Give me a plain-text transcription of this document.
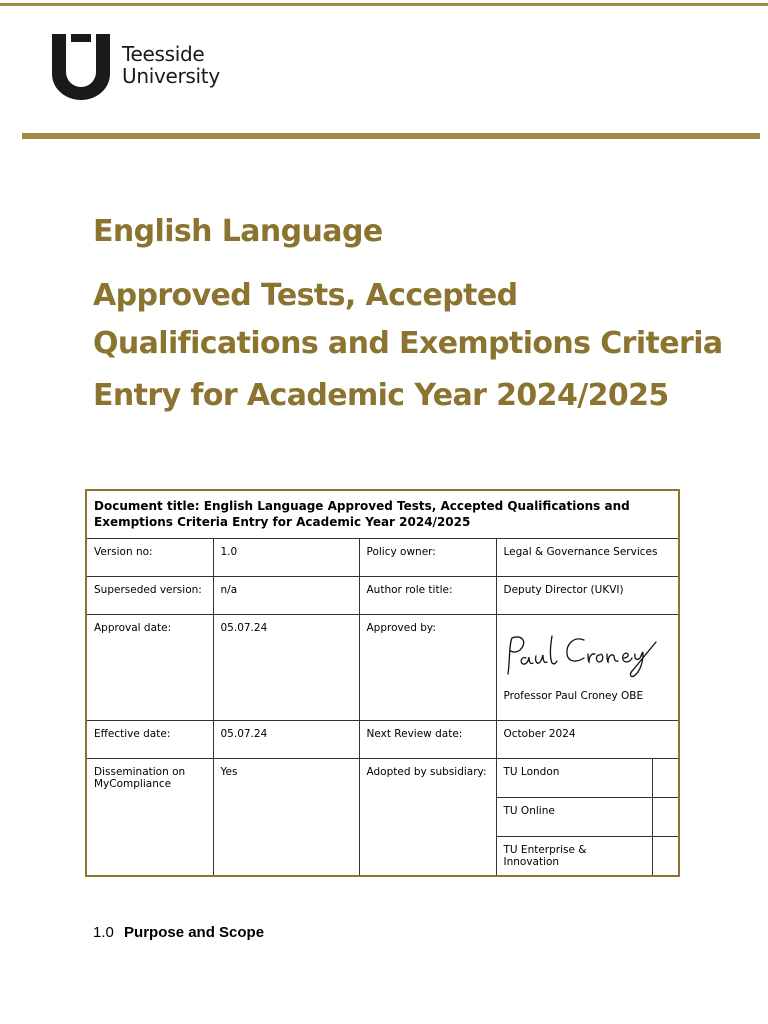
Teesside
University
English Language
Approved Tests, Accepted Qualifications and Exemptions Criteria
Entry for Academic Year 2024/2025
Document title: English Language Approved Tests, Accepted Qualifications and Exemptions Criteria Entry for Academic Year 2024/2025				
Version no:	1.0	Policy owner:	Legal & Governance Services	
Superseded version:	n/a	Author role title:	Deputy Director (UKVI)	
Approval date:	05.07.24	Approved by:	Professor Paul Croney OBE	

Effective date:	05.07.24	Next Review date:	October 2024	
Dissemination on MyCompliance	Yes	Adopted by subsidiary:	TU London	
			TU Online	
			TU Enterprise & Innovation	
1.0 Purpose and Scope
